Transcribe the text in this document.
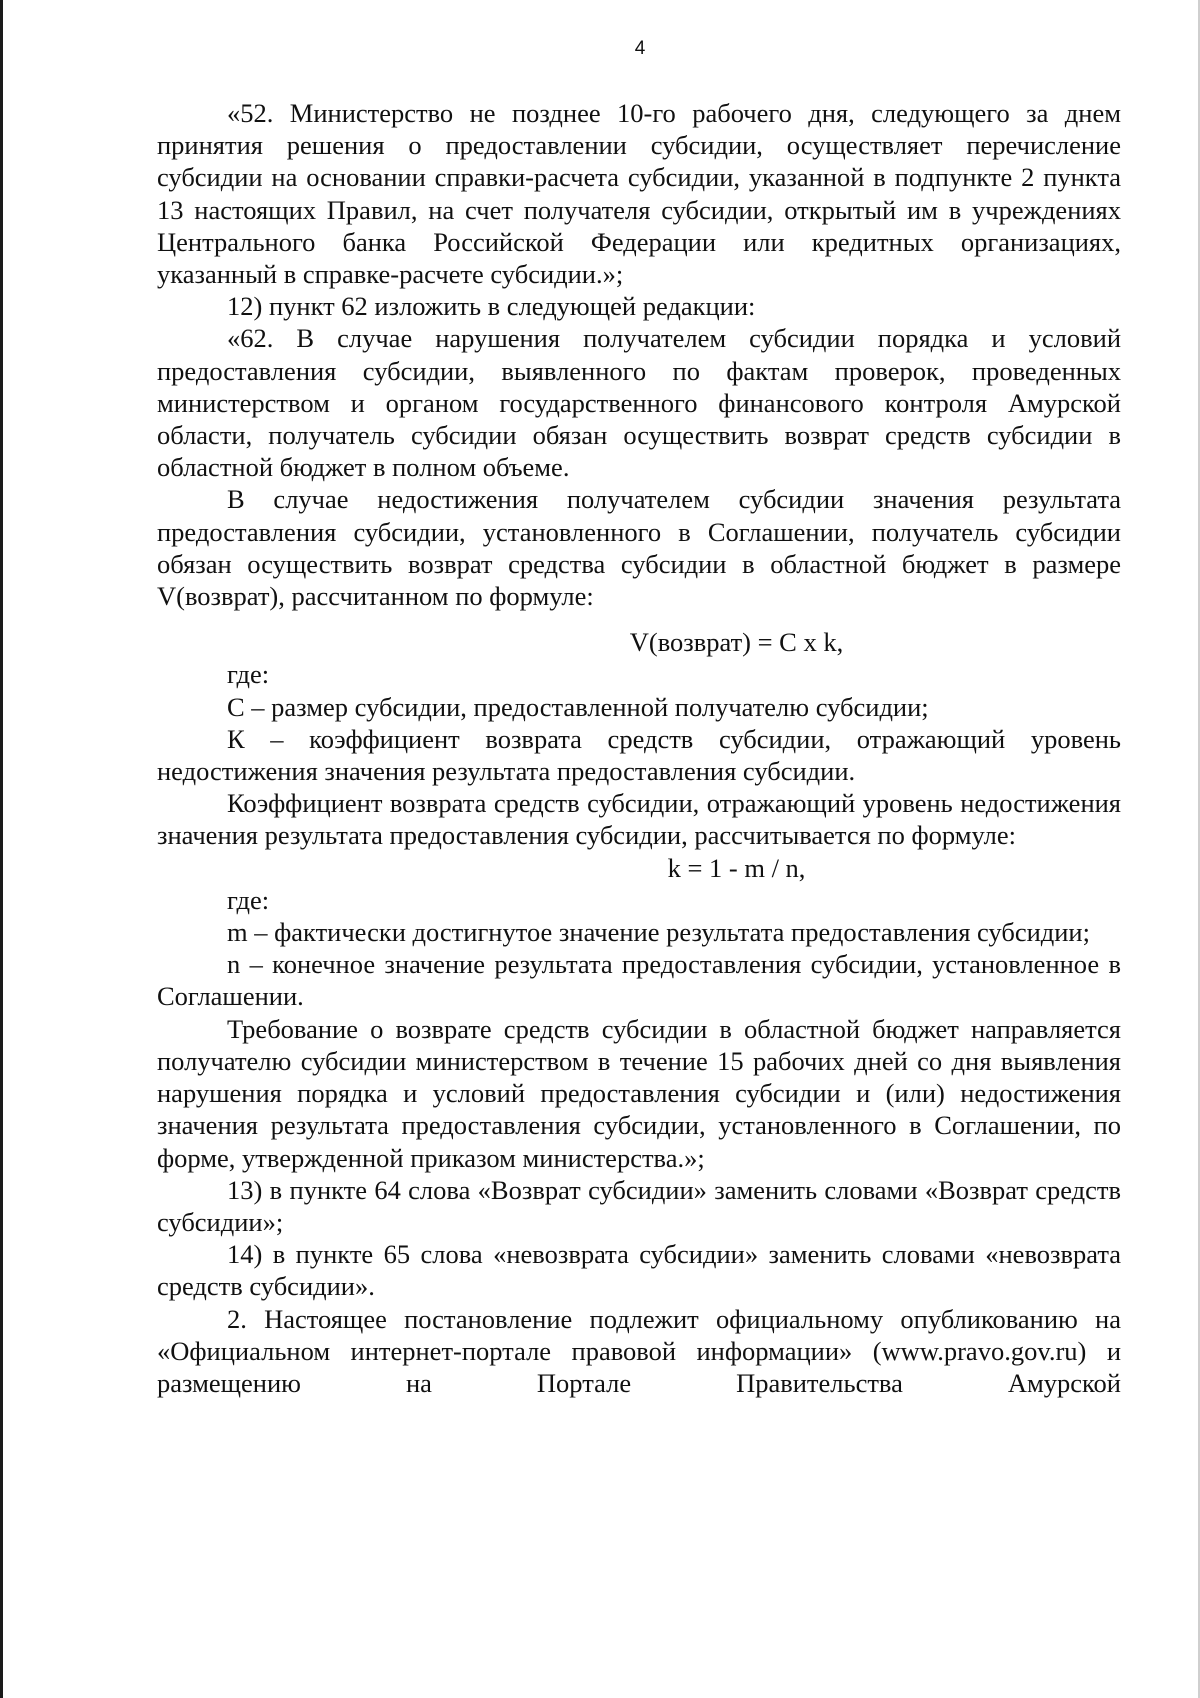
4

«52. Министерство не позднее 10-го рабочего дня, следующего за днем принятия решения о предоставлении субсидии, осуществляет перечисление субсидии на основании справки-расчета субсидии, указанной в подпункте 2 пункта 13 настоящих Правил, на счет получателя субсидии, открытый им в учреждениях Центрального банка Российской Федерации или кредитных организациях, указанный в справке-расчете субсидии.»;

12) пункт 62 изложить в следующей редакции:

«62. В случае нарушения получателем субсидии порядка и условий предоставления субсидии, выявленного по фактам проверок, проведенных министерством и органом государственного финансового контроля Амурской области, получатель субсидии обязан осуществить возврат средств субсидии в областной бюджет в полном объеме.

В случае недостижения получателем субсидии значения результата предоставления субсидии, установленного в Соглашении, получатель субсидии обязан осуществить возврат средства субсидии в областной бюджет в размере V(возврат), рассчитанном по формуле:

V(возврат) = C x k,

где:

С – размер субсидии, предоставленной получателю субсидии;

К – коэффициент возврата средств субсидии, отражающий уровень недостижения значения результата предоставления субсидии.

Коэффициент возврата средств субсидии, отражающий уровень недостижения значения результата предоставления субсидии, рассчитывается по формуле:

k = 1 - m / n,

где:

m – фактически достигнутое значение результата предоставления субсидии;

n – конечное значение результата предоставления субсидии, установленное в Соглашении.

Требование о возврате средств субсидии в областной бюджет направляется получателю субсидии министерством в течение 15 рабочих дней со дня выявления нарушения порядка и условий предоставления субсидии и (или) недостижения значения результата предоставления субсидии, установленного в Соглашении, по форме, утвержденной приказом министерства.»;

13) в пункте 64 слова «Возврат субсидии» заменить словами «Возврат средств субсидии»;

14) в пункте 65 слова «невозврата субсидии» заменить словами «невозврата средств субсидии».

2. Настоящее постановление подлежит официальному опубликованию на «Официальном интернет-портале правовой информации» (www.pravo.gov.ru) и размещению на Портале Правительства Амурской
